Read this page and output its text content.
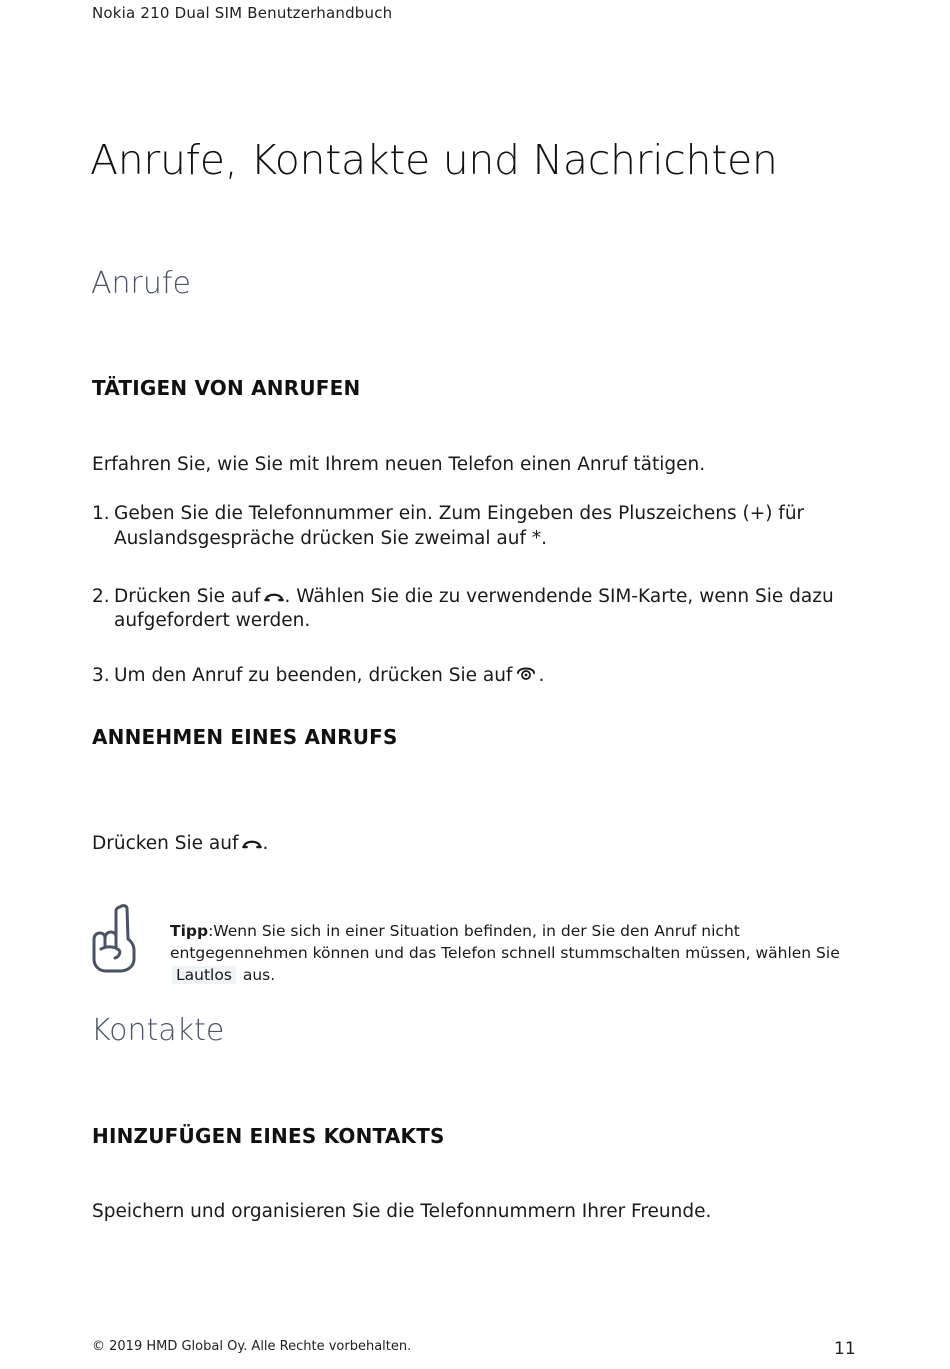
Nokia 210 Dual SIM Benutzerhandbuch
Anrufe, Kontakte und Nachrichten
Anrufe
TÄTIGEN VON ANRUFEN

Erfahren Sie, wie Sie mit Ihrem neuen Telefon einen Anruf tätigen.

1. Geben Sie die Telefonnummer ein. Zum Eingeben des Pluszeichens (+) für
Auslandsgespräche drücken Sie zweimal auf *.
2. Drücken Sie auf . Wählen Sie die zu verwendende SIM-Karte, wenn Sie dazu aufgefordert werden.
3. Um den Anruf zu beenden, drücken Sie auf .
ANNEHMEN EINES ANRUFS

Drücken Sie auf .

Tipp:Wenn Sie sich in einer Situation befinden, in der Sie den Anruf nicht entgegennehmen können und das Telefon schnell stummschalten müssen, wählen Sie Lautlos aus.
Kontakte
HINZUFÜGEN EINES KONTAKTS

Speichern und organisieren Sie die Telefonnummern Ihrer Freunde.

© 2019 HMD Global Oy. Alle Rechte vorbehalten.	11
